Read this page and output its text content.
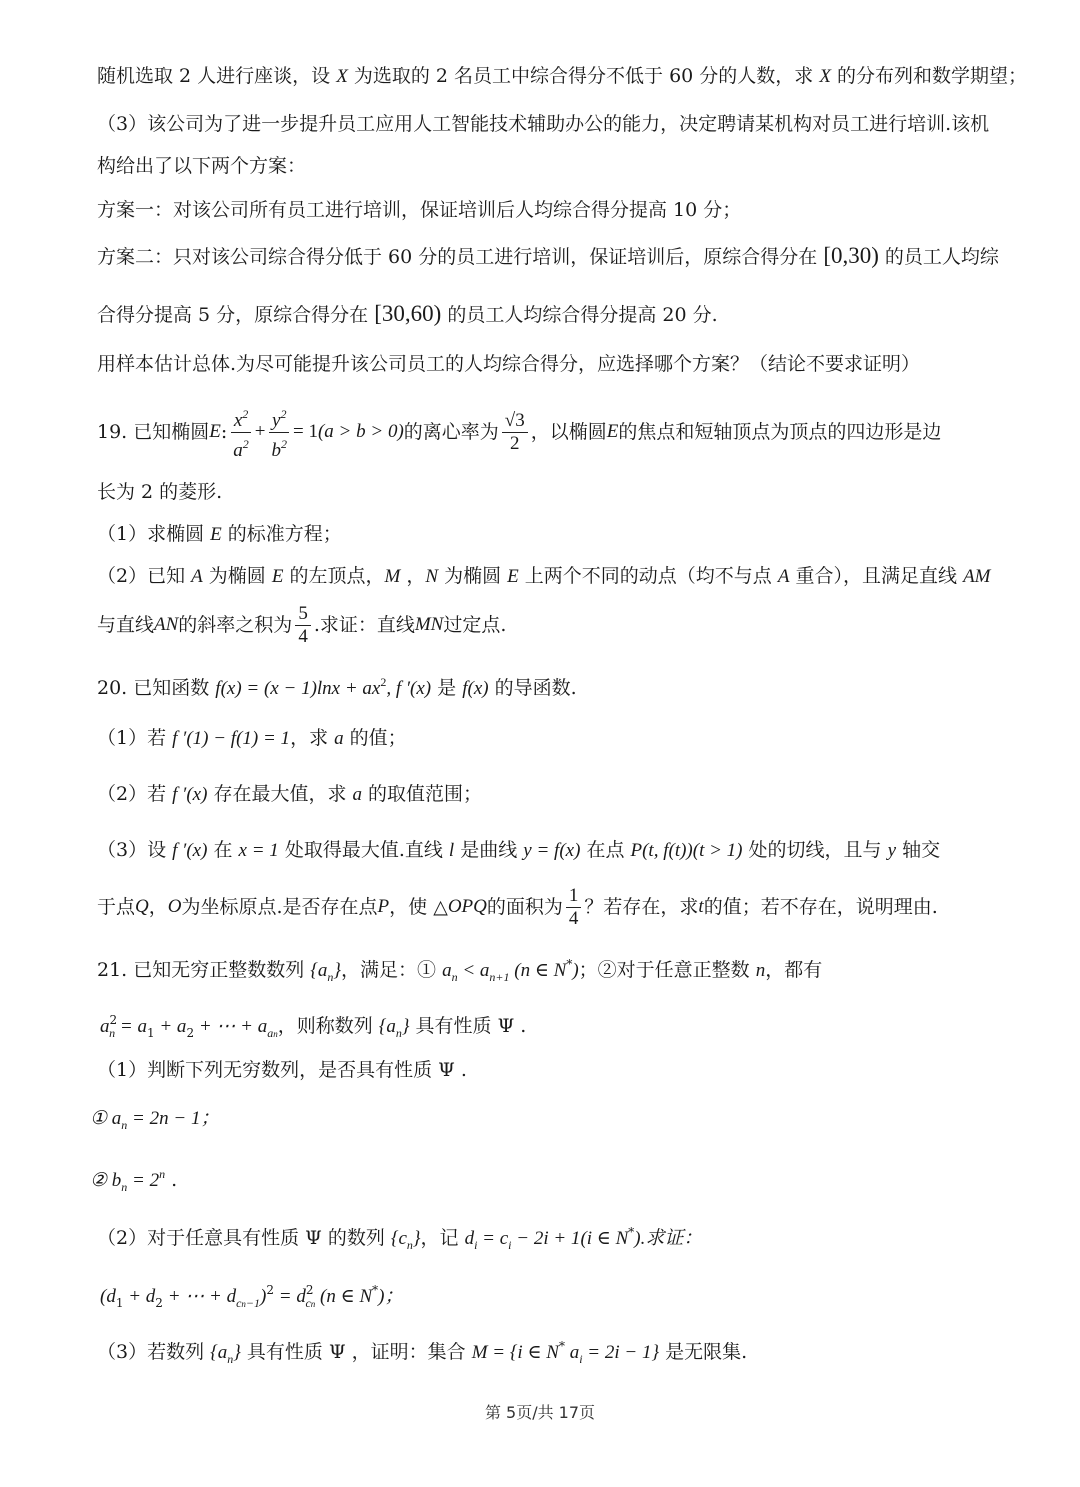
随机选取 2 人进行座谈，设 X 为选取的 2 名员工中综合得分不低于 60 分的人数，求 X 的分布列和数学期望；
（3）该公司为了进一步提升员工应用人工智能技术辅助办公的能力，决定聘请某机构对员工进行培训.该机
构给出了以下两个方案：
方案一：对该公司所有员工进行培训，保证培训后人均综合得分提高 10 分；
方案二：只对该公司综合得分低于 60 分的员工进行培训，保证培训后，原综合得分在 [0,30) 的员工人均综
合得分提高 5 分，原综合得分在 [30,60) 的员工人均综合得分提高 20 分.
用样本估计总体.为尽可能提升该公司员工的人均综合得分，应选择哪个方案？（结论不要求证明）
19. 已知椭圆 E : $\frac{x^2}{a^2} + \frac{y^2}{b^2} = 1$ (a > b > 0) 的离心率为 $\frac{√3}{2}$ ，以椭圆 E 的焦点和短轴顶点为顶点的四边形是边
长为 2 的菱形.
（1）求椭圆 E 的标准方程；
（2）已知 A 为椭圆 E 的左顶点，M ，N 为椭圆 E 上两个不同的动点（均不与点 A 重合），且满足直线 AM
与直线 AN 的斜率之积为 $\frac{5}{4}$ .求证：直线 MN 过定点.
20. 已知函数 $f(x) = (x - 1)\ln x + ax^2$, f ′(x) 是 f(x) 的导函数.
（1）若 f ′(1) − f(1) = 1，求 a 的值；
（2）若 f ′(x) 存在最大值，求 a 的取值范围；
（3）设 f ′(x) 在 x = 1 处取得最大值.直线 l 是曲线 y = f(x) 在点 P(t, f(t))(t > 1) 处的切线，且与 y 轴交
于点 Q ， O 为坐标原点.是否存在点 P ，使 △ OPQ 的面积为 $\frac{1}{4}$ ？若存在，求 t 的值；若不存在，说明理由.
21. 已知无穷正整数数列 $\{a_n\}$，满足：① $a_n < a_{n+1}$ (n ∈ N*)；②对于任意正整数 n，都有
$a^2_n = a_1 + a_2$ + ⋯ + $a_{an}$，则称数列 $\{a_n\}$ 具有性质 Ψ .
（1）判断下列无穷数列，是否具有性质 Ψ .
① $a_n = 2n - 1$；
② $b_n = 2^n$ .
（2）对于任意具有性质 Ψ 的数列 $\{c_n\}$，记 $d_i = c_i - 2i + 1(i$ ∈ N*).求证：
($d_1 + d_2$ + ⋯ + $d_{cn-1})^2 = d^2_{cn}$ (n ∈ N*)；
（3）若数列 $\{a_n\}$ 具有性质 Ψ ，证明：集合 M = {i ∈ N* $a_i = 2i - 1$} 是无限集.
第 5页/共 17页
